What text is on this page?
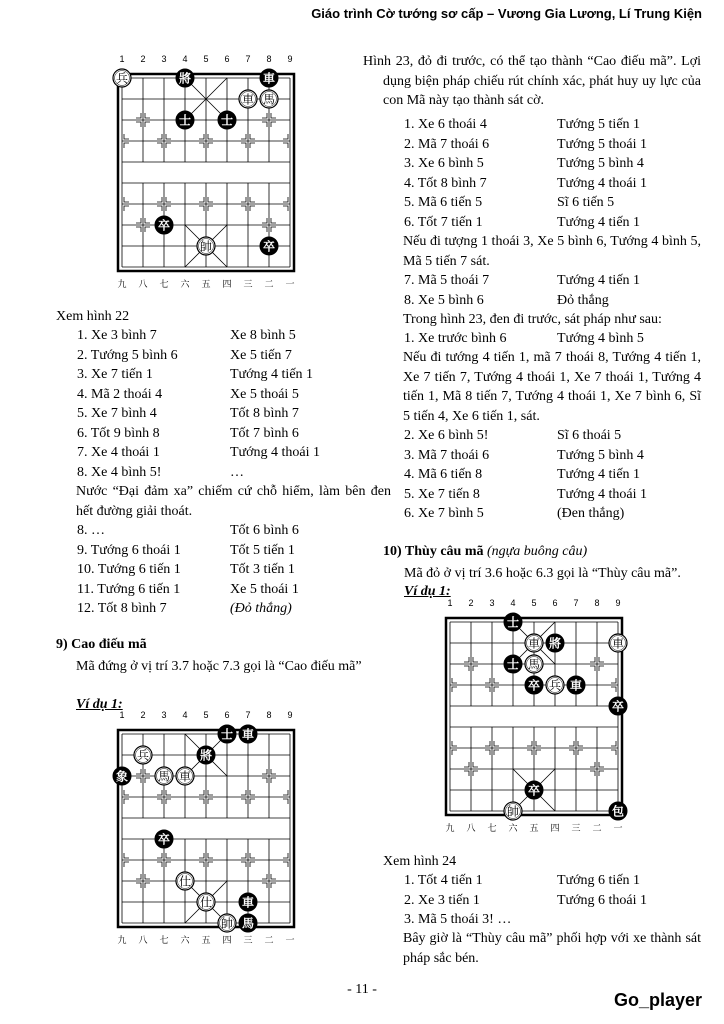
Giáo trình Cờ tướng sơ cấp – Vương Gia Lương, Lí Trung Kiện
1 2 3 4 5 6 7 8 9
兵	將	車
車 馬
士 士
卒
帥	卒
九 八 七 六 五 四 三 二 一
Xem hình 22
1. Xe 3 bình 7	Xe 8 bình 5
2. Tướng 5 bình 6	Xe 5 tiến 7
3. Xe 7 tiến 1	Tướng 4 tiến 1
4. Mã 2 thoái 4	Xe 5 thoái 5
5. Xe 7 bình 4	Tốt 8 bình 7
6. Tốt 9 bình 8	Tốt 7 bình 6
7. Xe 4 thoái 1	Tướng 4 thoái 1
8. Xe 4 bình 5!	…
Nước “Đại đảm xa” chiếm cứ chỗ hiểm, làm bên đen hết đường giải thoát.
8. …	Tốt 6 bình 6
9. Tướng 6 thoái 1	Tốt 5 tiến 1
10. Tướng 6 tiến 1	Tốt 3 tiến 1
11. Tướng 6 tiến 1	Xe 5 thoái 1
12. Tốt 8 bình 7	(Đỏ thắng)
9) Cao điếu mã
Mã đứng ở vị trí 3.7 hoặc 7.3 gọi là “Cao điếu mã”
Ví dụ 1:
1 2 3 4 5 6 7 8 9
士 車
兵	將
象 馬 車
卒
仕
仕 車
帥 馬
九 八 七 六 五 四 三 二 一
Hình 23, đỏ đi trước, có thể tạo thành “Cao điếu mã”. Lợi dụng biện pháp chiếu rút chính xác, phát huy uy lực của con Mã này tạo thành sát cờ.
1. Xe 6 thoái 4	Tướng 5 tiến 1
2. Mã 7 thoái 6	Tướng 5 thoái 1
3. Xe 6 bình 5	Tướng 5 bình 4
4. Tốt 8 bình 7	Tướng 4 thoái 1
5. Mã 6 tiến 5	Sĩ 6 tiến 5
6. Tốt 7 tiến 1	Tướng 4 tiến 1
Nếu đi tượng 1 thoái 3, Xe 5 bình 6, Tướng 4 bình 5, Mã 5 tiến 7 sát.
7. Mã 5 thoái 7	Tướng 4 tiến 1
8. Xe 5 bình 6	Đỏ thắng
Trong hình 23, đen đi trước, sát pháp như sau:
1. Xe trước bình 6	Tướng 4 bình 5
Nếu đi tướng 4 tiến 1, mã 7 thoái 8, Tướng 4 tiến 1, Xe 7 tiến 7, Tướng 4 thoái 1, Xe 7 thoái 1, Tướng 4 tiến 1, Mã 8 tiến 7, Tướng 4 thoái 1, Xe 7 bình 6, Sĩ 5 tiến 4, Xe 6 tiến 1, sát.
2. Xe 6 bình 5!	Sĩ 6 thoái 5
3. Mã 7 thoái 6	Tướng 5 bình 4
4. Mã 6 tiến 8	Tướng 4 tiến 1
5. Xe 7 tiến 8	Tướng 4 thoái 1
6. Xe 7 bình 5	(Đen thắng)
10) Thùy câu mã (ngựa buông câu)
Mã đỏ ở vị trí 3.6 hoặc 6.3 gọi là “Thùy câu mã”.
Ví dụ 1:
1 2 3 4 5 6 7 8 9
士
車 將	車
士 馬
卒 兵 車
卒
卒
帥	包
九 八 七 六 五 四 三 二 一
Xem hình 24
1. Tốt 4 tiến 1	Tướng 6 tiến 1
2. Xe 3 tiến 1	Tướng 6 thoái 1
3. Mã 5 thoái 3! …
Bây giờ là “Thùy câu mã” phối hợp với xe thành sát pháp sắc bén.
- 11 -
Go_player
